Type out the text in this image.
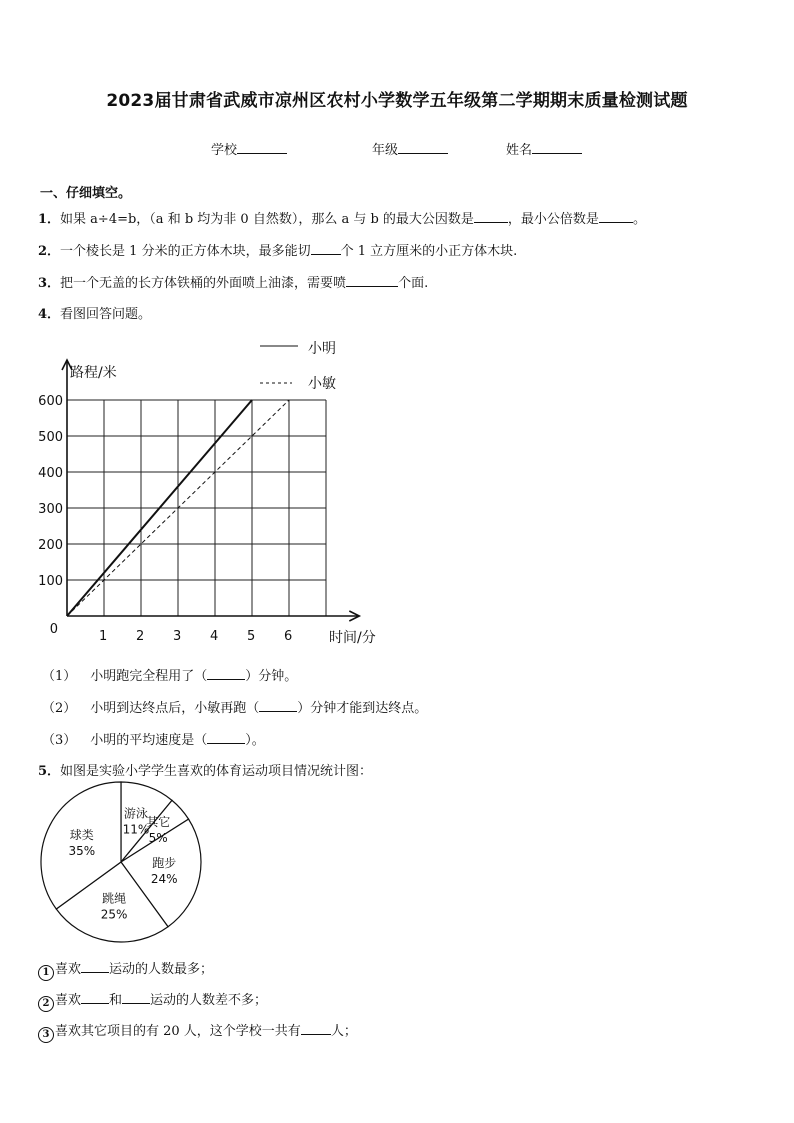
2023届甘肃省武威市凉州区农村小学数学五年级第二学期期末质量检测试题
学校	年级	姓名
一、仔细填空。
1．如果 a÷4=b，（a 和 b 均为非 0 自然数），那么 a 与 b 的最大公因数是	，最小公倍数是	。
2．一个棱长是 1 分米的正方体木块，最多能切 个 1 立方厘米的小正方体木块.
3．把一个无盖的长方体铁桶的外面喷上油漆，需要喷	个面.
4．看图回答问题。
1 2 3 4 5 6
100
200
300
400
500
600
0
路程/米
时间/分
小明
小敏
（1） 小明跑完全程用了（	）分钟。
（2） 小明到达终点后，小敏再跑（	）分钟才能到达终点。
（3） 小明的平均速度是（	）。
5．如图是实验小学学生喜欢的体育运动项目情况统计图：
游泳
11%
其它
5%
跑步
24%
跳绳
25%
球类
35%
1 喜欢 运动的人数最多；
2 喜欢 和 运动的人数差不多；
3 喜欢其它项目的有 20 人，这个学校一共有 人；
